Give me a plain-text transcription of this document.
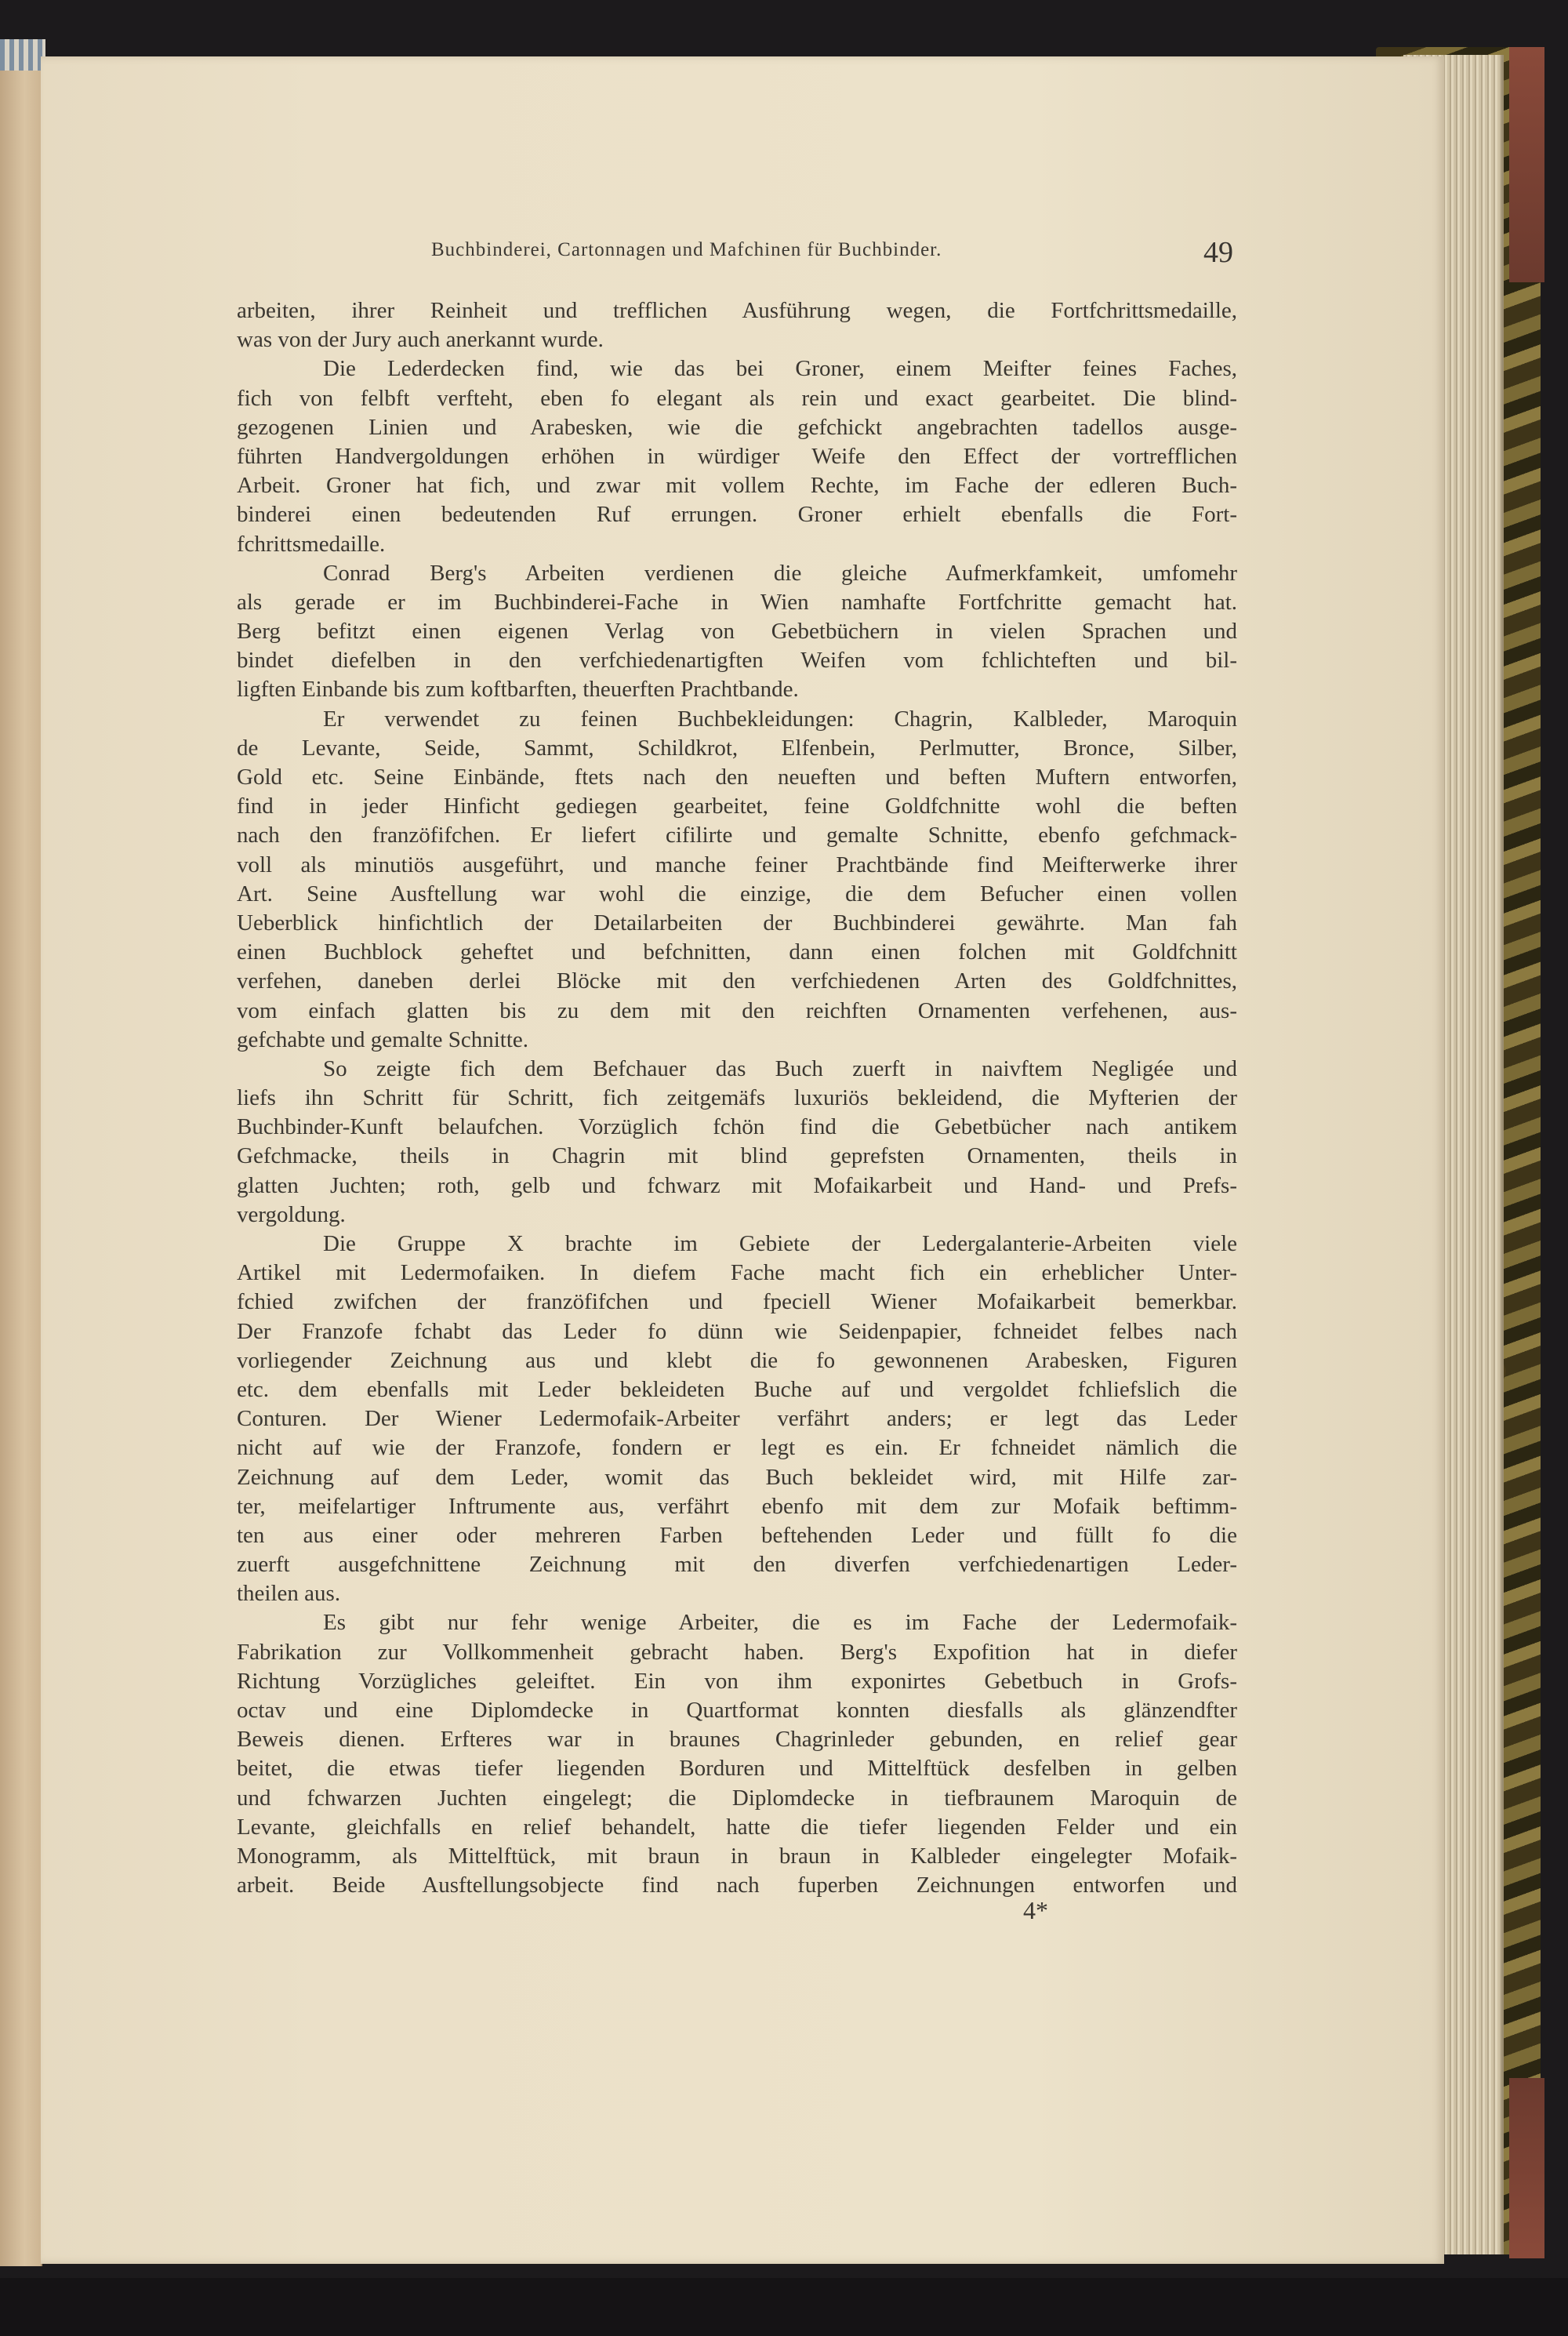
Buchbinderei, Cartonnagen und Mafchinen für Buchbinder.	49
arbeiten, ihrer Reinheit und trefflichen Ausführung wegen, die Fortfchrittsmedaille,
was von der Jury auch anerkannt wurde.
Die Lederdecken find, wie das bei Groner, einem Meifter feines Faches,
fich von felbft verfteht, eben fo elegant als rein und exact gearbeitet. Die blind-
gezogenen Linien und Arabesken, wie die gefchickt angebrachten tadellos ausge-
führten Handvergoldungen erhöhen in würdiger Weife den Effect der vortrefflichen
Arbeit. Groner hat fich, und zwar mit vollem Rechte, im Fache der edleren Buch-
binderei einen bedeutenden Ruf errungen. Groner erhielt ebenfalls die Fort-
fchrittsmedaille.
Conrad Berg's Arbeiten verdienen die gleiche Aufmerkfamkeit, umfomehr
als gerade er im Buchbinderei-Fache in Wien namhafte Fortfchritte gemacht hat.
Berg befitzt einen eigenen Verlag von Gebetbüchern in vielen Sprachen und
bindet diefelben in den verfchiedenartigften Weifen vom fchlichteften und bil-
ligften Einbande bis zum koftbarften, theuerften Prachtbande.
Er verwendet zu feinen Buchbekleidungen: Chagrin, Kalbleder, Maroquin
de Levante, Seide, Sammt, Schildkrot, Elfenbein, Perlmutter, Bronce, Silber,
Gold etc. Seine Einbände, ftets nach den neueften und beften Muftern entworfen,
find in jeder Hinficht gediegen gearbeitet, feine Goldfchnitte wohl die beften
nach den franzöfifchen. Er liefert cifilirte und gemalte Schnitte, ebenfo gefchmack-
voll als minutiös ausgeführt, und manche feiner Prachtbände find Meifterwerke ihrer
Art. Seine Ausftellung war wohl die einzige, die dem Befucher einen vollen
Ueberblick hinfichtlich der Detailarbeiten der Buchbinderei gewährte. Man fah
einen Buchblock geheftet und befchnitten, dann einen folchen mit Goldfchnitt
verfehen, daneben derlei Blöcke mit den verfchiedenen Arten des Goldfchnittes,
vom einfach glatten bis zu dem mit den reichften Ornamenten verfehenen, aus-
gefchabte und gemalte Schnitte.
So zeigte fich dem Befchauer das Buch zuerft in naivftem Negligée und
liefs ihn Schritt für Schritt, fich zeitgemäfs luxuriös bekleidend, die Myfterien der
Buchbinder-Kunft belaufchen. Vorzüglich fchön find die Gebetbücher nach antikem
Gefchmacke, theils in Chagrin mit blind geprefsten Ornamenten, theils in
glatten Juchten; roth, gelb und fchwarz mit Mofaikarbeit und Hand- und Prefs-
vergoldung.
Die Gruppe X brachte im Gebiete der Ledergalanterie-Arbeiten viele
Artikel mit Ledermofaiken. In diefem Fache macht fich ein erheblicher Unter-
fchied zwifchen der franzöfifchen und fpeciell Wiener Mofaikarbeit bemerkbar.
Der Franzofe fchabt das Leder fo dünn wie Seidenpapier, fchneidet felbes nach
vorliegender Zeichnung aus und klebt die fo gewonnenen Arabesken, Figuren
etc. dem ebenfalls mit Leder bekleideten Buche auf und vergoldet fchliefslich die
Conturen. Der Wiener Ledermofaik-Arbeiter verfährt anders; er legt das Leder
nicht auf wie der Franzofe, fondern er legt es ein. Er fchneidet nämlich die
Zeichnung auf dem Leder, womit das Buch bekleidet wird, mit Hilfe zar-
ter, meifelartiger Inftrumente aus, verfährt ebenfo mit dem zur Mofaik beftimm-
ten aus einer oder mehreren Farben beftehenden Leder und füllt fo die
zuerft ausgefchnittene Zeichnung mit den diverfen verfchiedenartigen Leder-
theilen aus.
Es gibt nur fehr wenige Arbeiter, die es im Fache der Ledermofaik-
Fabrikation zur Vollkommenheit gebracht haben. Berg's Expofition hat in diefer
Richtung Vorzügliches geleiftet. Ein von ihm exponirtes Gebetbuch in Grofs-
octav und eine Diplomdecke in Quartformat konnten diesfalls als glänzendfter
Beweis dienen. Erfteres war in braunes Chagrinleder gebunden, en relief gear
beitet, die etwas tiefer liegenden Borduren und Mittelftück desfelben in gelben
und fchwarzen Juchten eingelegt; die Diplomdecke in tiefbraunem Maroquin de
Levante, gleichfalls en relief behandelt, hatte die tiefer liegenden Felder und ein
Monogramm, als Mittelftück, mit braun in braun in Kalbleder eingelegter Mofaik-
arbeit. Beide Ausftellungsobjecte find nach fuperben Zeichnungen entworfen und
4*
